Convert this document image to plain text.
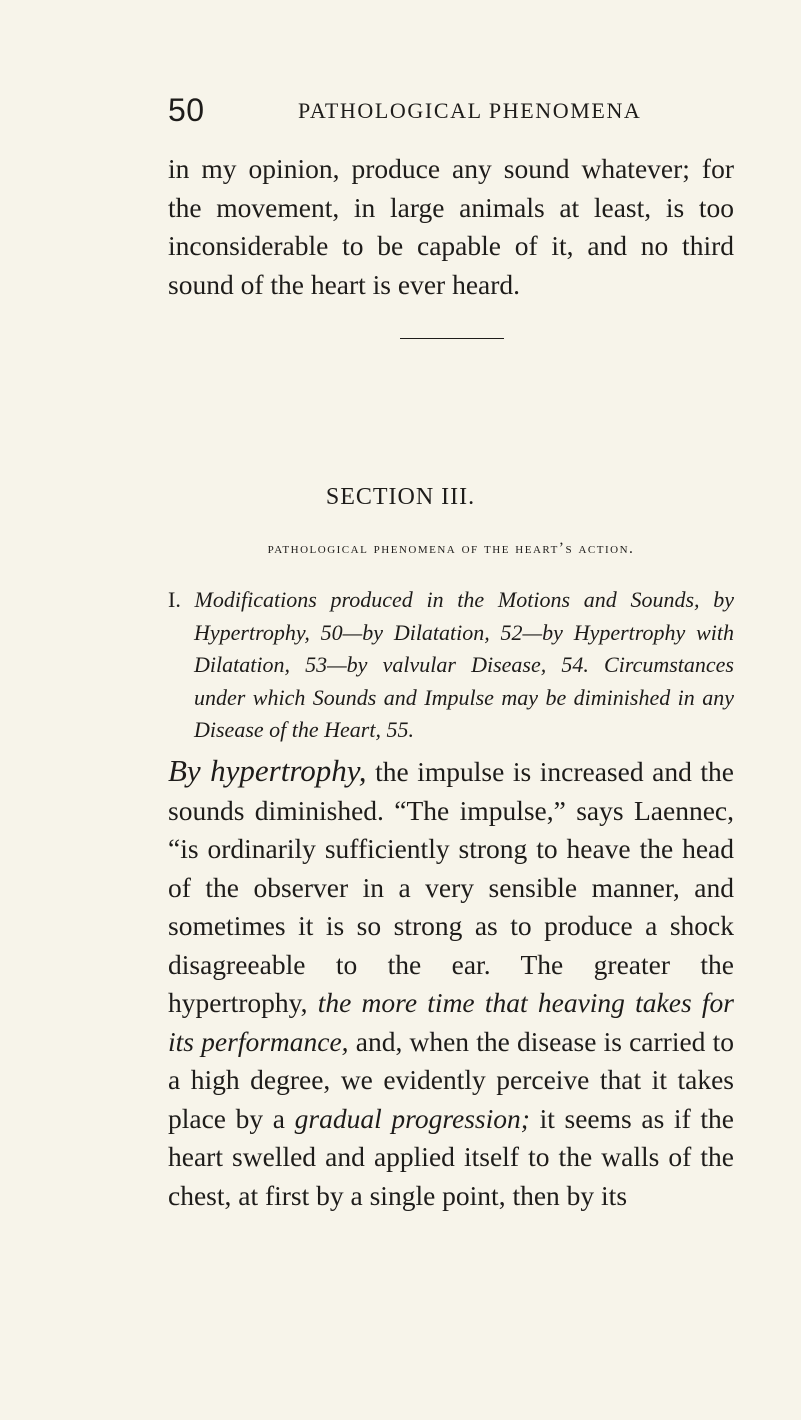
50	PATHOLOGICAL PHENOMENA

in my opinion, produce any sound whatever; for the movement, in large animals at least, is too inconsiderable to be capable of it, and no third sound of the heart is ever heard.

SECTION III.
pathological phenomena of the heart’s action.

I. Modifications produced in the Motions and Sounds, by Hypertrophy, 50—by Dilatation, 52—by Hypertrophy with Dilatation, 53—by valvular Disease, 54. Circumstances under which Sounds and Impulse may be diminished in any Disease of the Heart, 55.

By hypertrophy, the impulse is increased and the sounds diminished. “The impulse,” says Laennec, “is ordinarily sufficiently strong to heave the head of the observer in a very sensible manner, and sometimes it is so strong as to produce a shock disagreeable to the ear. The greater the hypertrophy, the more time that heaving takes for its performance, and, when the disease is carried to a high degree, we evidently perceive that it takes place by a gradual progression; it seems as if the heart swelled and applied itself to the walls of the chest, at first by a single point, then by its
